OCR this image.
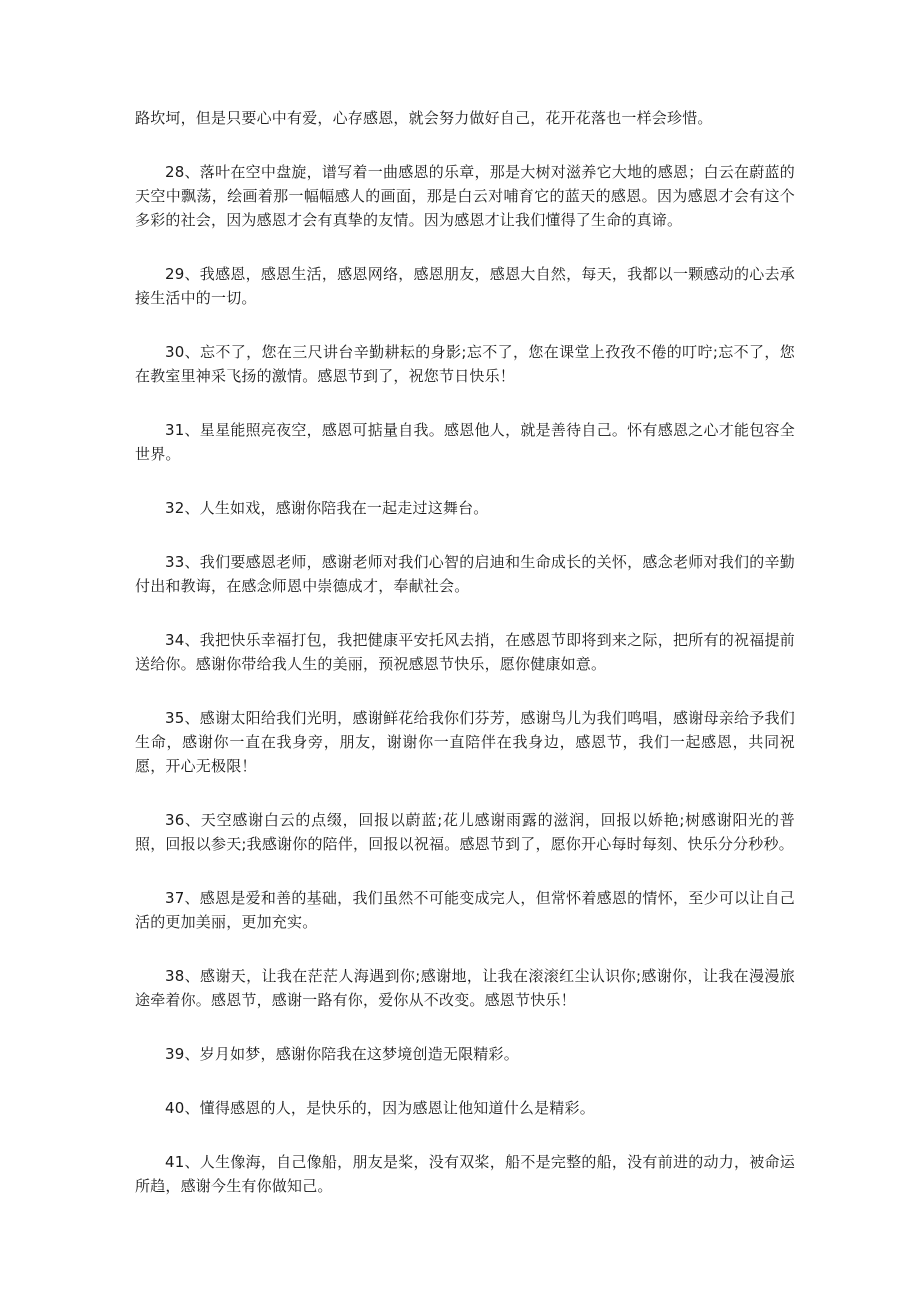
路坎坷，但是只要心中有爱，心存感恩，就会努力做好自己，花开花落也一样会珍惜。

28、落叶在空中盘旋，谱写着一曲感恩的乐章，那是大树对滋养它大地的感恩；白云在蔚蓝的天空中飘荡，绘画着那一幅幅感人的画面，那是白云对哺育它的蓝天的感恩。因为感恩才会有这个多彩的社会，因为感恩才会有真挚的友情。因为感恩才让我们懂得了生命的真谛。

29、我感恩，感恩生活，感恩网络，感恩朋友，感恩大自然，每天，我都以一颗感动的心去承接生活中的一切。

30、忘不了，您在三尺讲台辛勤耕耘的身影;忘不了，您在课堂上孜孜不倦的叮咛;忘不了，您在教室里神采飞扬的激情。感恩节到了，祝您节日快乐！

31、星星能照亮夜空，感恩可掂量自我。感恩他人，就是善待自己。怀有感恩之心才能包容全世界。

32、人生如戏，感谢你陪我在一起走过这舞台。

33、我们要感恩老师，感谢老师对我们心智的启迪和生命成长的关怀，感念老师对我们的辛勤付出和教诲，在感念师恩中崇德成才，奉献社会。

34、我把快乐幸福打包，我把健康平安托风去捎，在感恩节即将到来之际，把所有的祝福提前送给你。感谢你带给我人生的美丽，预祝感恩节快乐，愿你健康如意。

35、感谢太阳给我们光明，感谢鲜花给我你们芬芳，感谢鸟儿为我们鸣唱，感谢母亲给予我们生命，感谢你一直在我身旁，朋友，谢谢你一直陪伴在我身边，感恩节，我们一起感恩，共同祝愿，开心无极限！

36、天空感谢白云的点缀，回报以蔚蓝;花儿感谢雨露的滋润，回报以娇艳;树感谢阳光的普照，回报以参天;我感谢你的陪伴，回报以祝福。感恩节到了，愿你开心每时每刻、快乐分分秒秒。

37、感恩是爱和善的基础，我们虽然不可能变成完人，但常怀着感恩的情怀，至少可以让自己活的更加美丽，更加充实。

38、感谢天，让我在茫茫人海遇到你;感谢地，让我在滚滚红尘认识你;感谢你，让我在漫漫旅途牵着你。感恩节，感谢一路有你，爱你从不改变。感恩节快乐！

39、岁月如梦，感谢你陪我在这梦境创造无限精彩。

40、懂得感恩的人，是快乐的，因为感恩让他知道什么是精彩。

41、人生像海，自己像船，朋友是桨，没有双桨，船不是完整的船，没有前进的动力，被命运所趋，感谢今生有你做知己。
